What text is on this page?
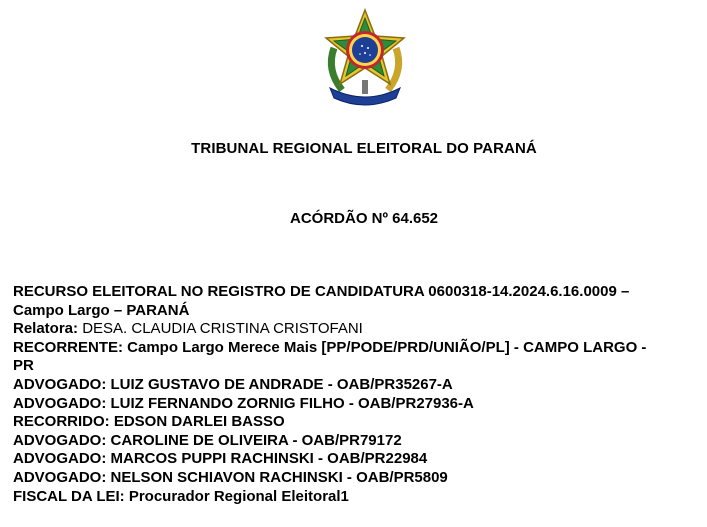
TRIBUNAL REGIONAL ELEITORAL DO PARANÁ
ACÓRDÃO Nº 64.652

RECURSO ELEITORAL NO REGISTRO DE CANDIDATURA 0600318-14.2024.6.16.0009 –

Campo Largo – PARANÁ

Relatora: DESA. CLAUDIA CRISTINA CRISTOFANI

RECORRENTE: Campo Largo Merece Mais [PP/PODE/PRD/UNIÃO/PL] - CAMPO LARGO -

PR

ADVOGADO: LUIZ GUSTAVO DE ANDRADE - OAB/PR35267-A

ADVOGADO: LUIZ FERNANDO ZORNIG FILHO - OAB/PR27936-A

RECORRIDO: EDSON DARLEI BASSO

ADVOGADO: CAROLINE DE OLIVEIRA - OAB/PR79172

ADVOGADO: MARCOS PUPPI RACHINSKI - OAB/PR22984

ADVOGADO: NELSON SCHIAVON RACHINSKI - OAB/PR5809

FISCAL DA LEI: Procurador Regional Eleitoral1
